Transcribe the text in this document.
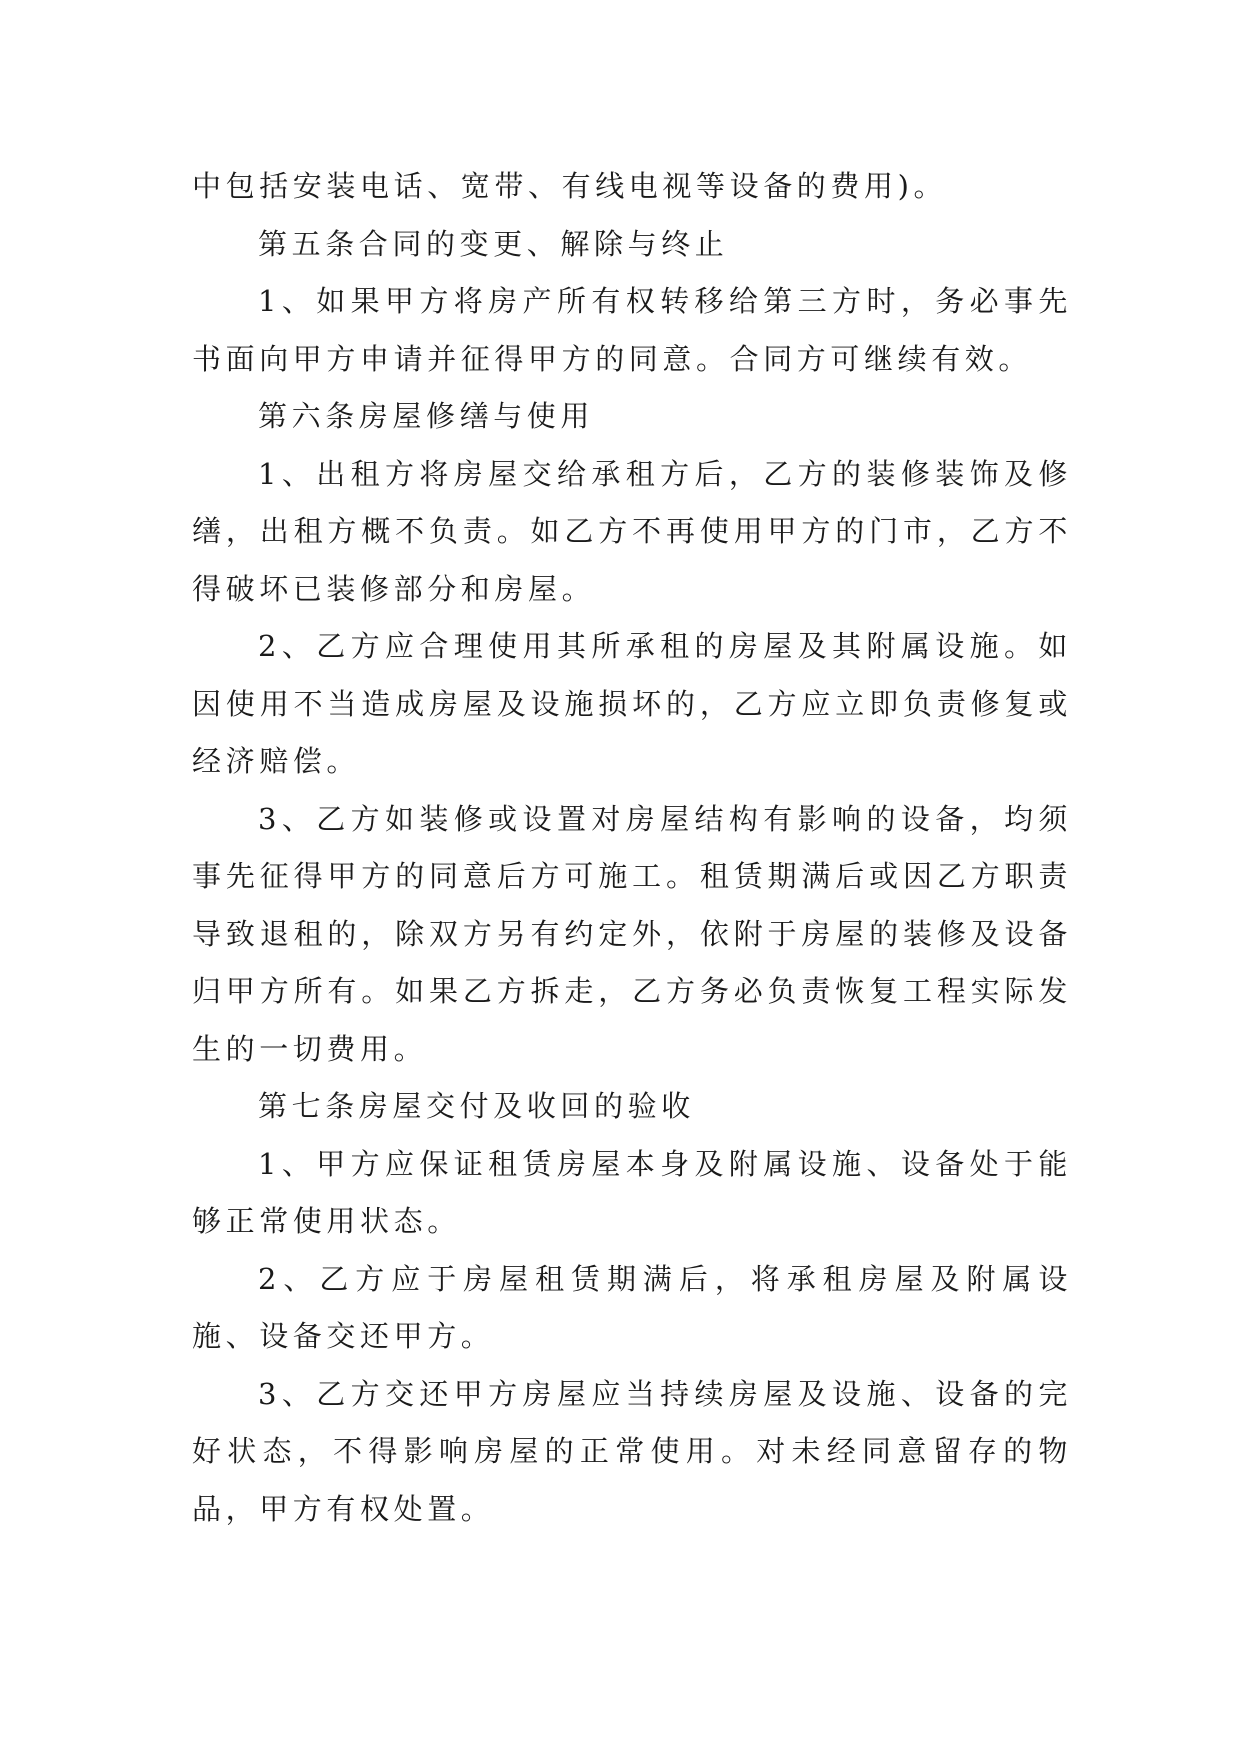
中包括安装电话、宽带、有线电视等设备的费用)。

第五条合同的变更、解除与终止

1、如果甲方将房产所有权转移给第三方时，务必事先书面向甲方申请并征得甲方的同意。合同方可继续有效。

第六条房屋修缮与使用

1、出租方将房屋交给承租方后，乙方的装修装饰及修缮，出租方概不负责。如乙方不再使用甲方的门市，乙方不得破坏已装修部分和房屋。

2、乙方应合理使用其所承租的房屋及其附属设施。如因使用不当造成房屋及设施损坏的，乙方应立即负责修复或经济赔偿。

3、乙方如装修或设置对房屋结构有影响的设备，均须事先征得甲方的同意后方可施工。租赁期满后或因乙方职责导致退租的，除双方另有约定外，依附于房屋的装修及设备归甲方所有。如果乙方拆走，乙方务必负责恢复工程实际发生的一切费用。

第七条房屋交付及收回的验收

1、甲方应保证租赁房屋本身及附属设施、设备处于能够正常使用状态。

2、乙方应于房屋租赁期满后，将承租房屋及附属设施、设备交还甲方。

3、乙方交还甲方房屋应当持续房屋及设施、设备的完好状态，不得影响房屋的正常使用。对未经同意留存的物品，甲方有权处置。
